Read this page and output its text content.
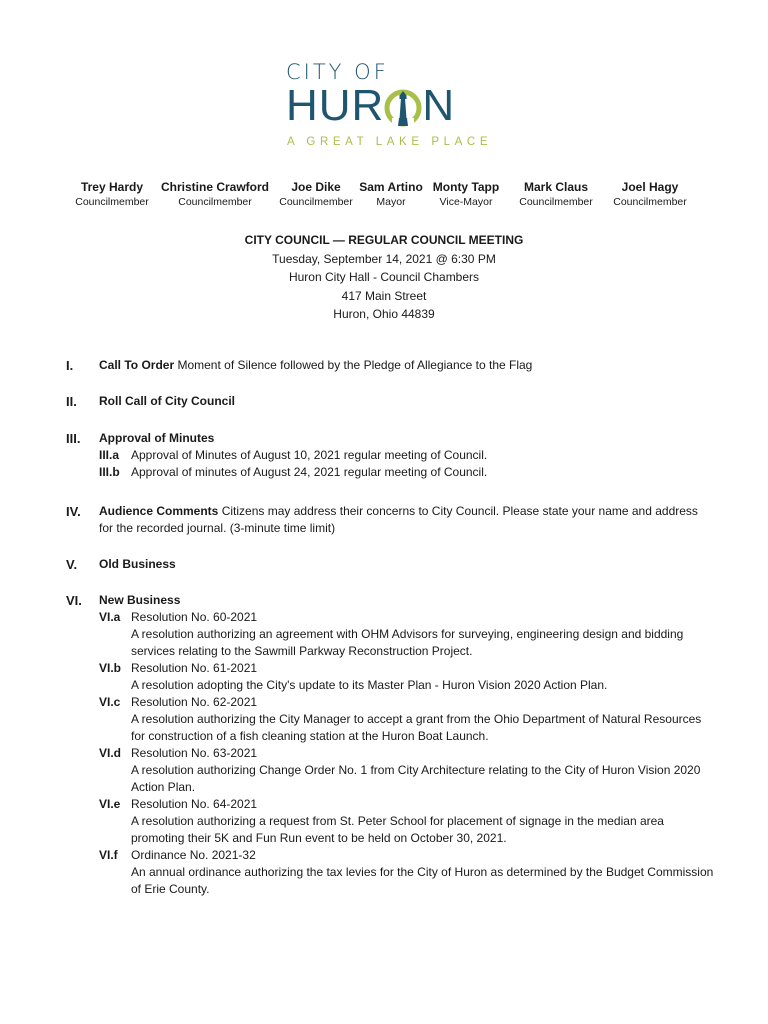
CITY OF
HUR N
A GREAT LAKE PLACE
Trey Hardy
Councilmember
Christine Crawford
Councilmember
Joe Dike
Councilmember
Sam Artino
Mayor
Monty Tapp
Vice-Mayor
Mark Claus
Councilmember
Joel Hagy
Councilmember
CITY COUNCIL — REGULAR COUNCIL MEETING
Tuesday, September 14, 2021 @ 6:30 PM
Huron City Hall - Council Chambers
417 Main Street
Huron, Ohio 44839
I. Call To Order Moment of Silence followed by the Pledge of Allegiance to the Flag
II. Roll Call of City Council
III. Approval of Minutes
III.a Approval of Minutes of August 10, 2021 regular meeting of Council.
III.b Approval of minutes of August 24, 2021 regular meeting of Council.
IV. Audience Comments Citizens may address their concerns to City Council. Please state your name and address for the recorded journal. (3-minute time limit)
V. Old Business
VI. New Business
VI.a Resolution No. 60-2021
A resolution authorizing an agreement with OHM Advisors for surveying, engineering design and bidding services relating to the Sawmill Parkway Reconstruction Project.
VI.b Resolution No. 61-2021
A resolution adopting the City's update to its Master Plan - Huron Vision 2020 Action Plan.
VI.c Resolution No. 62-2021
A resolution authorizing the City Manager to accept a grant from the Ohio Department of Natural Resources for construction of a fish cleaning station at the Huron Boat Launch.
VI.d Resolution No. 63-2021
A resolution authorizing Change Order No. 1 from City Architecture relating to the City of Huron Vision 2020 Action Plan.
VI.e Resolution No. 64-2021
A resolution authorizing a request from St. Peter School for placement of signage in the median area promoting their 5K and Fun Run event to be held on October 30, 2021.
VI.f Ordinance No. 2021-32
An annual ordinance authorizing the tax levies for the City of Huron as determined by the Budget Commission of Erie County.
